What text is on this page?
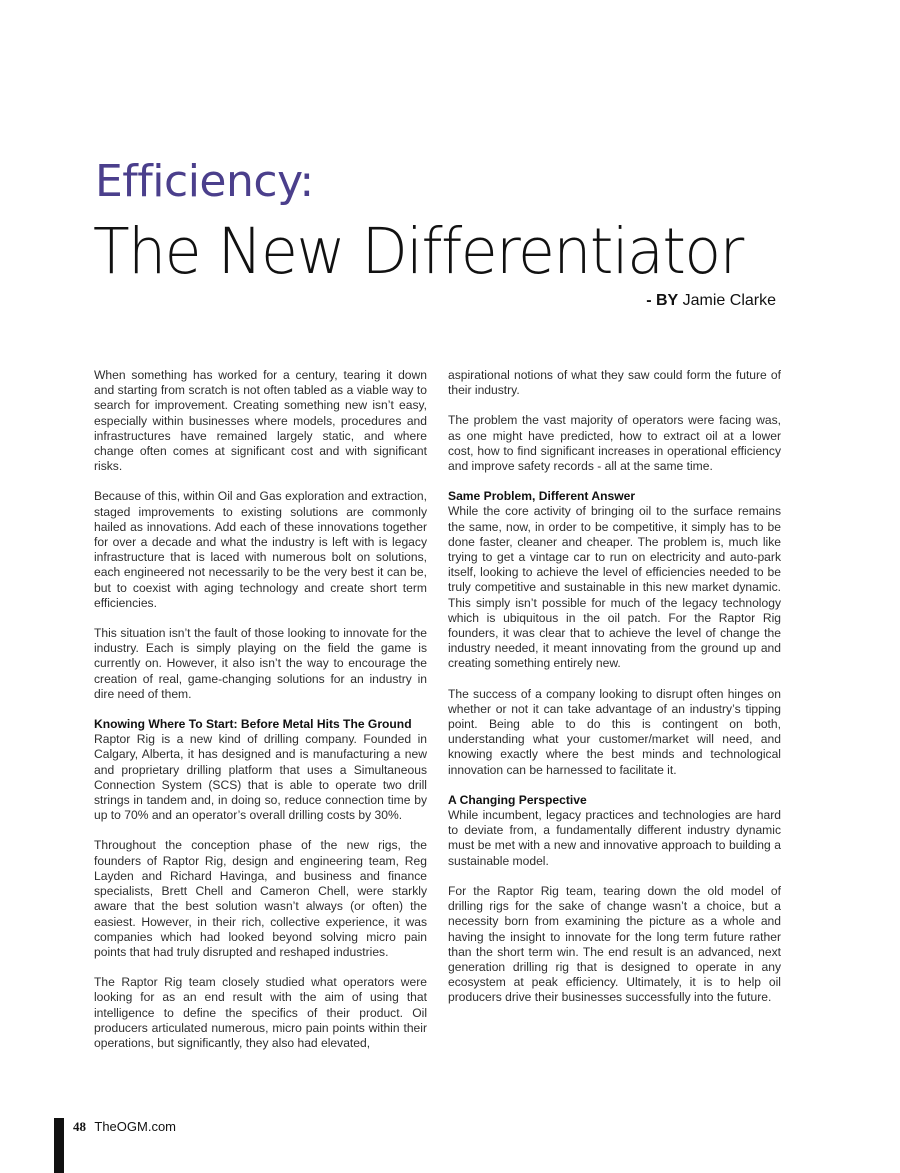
Efficiency:
The New Differentiator
- BY Jamie Clarke

When something has worked for a century, tearing it down and starting from scratch is not often tabled as a viable way to search for improvement. Creating something new isn’t easy, especially within businesses where models, procedures and infrastructures have remained largely static, and where change often comes at significant cost and with significant risks.

Because of this, within Oil and Gas exploration and extraction, staged improvements to existing solutions are commonly hailed as innovations. Add each of these innovations together for over a decade and what the industry is left with is legacy infrastructure that is laced with numerous bolt on solutions, each engineered not necessarily to be the very best it can be, but to coexist with aging technology and create short term efficiencies.

This situation isn’t the fault of those looking to innovate for the industry. Each is simply playing on the field the game is currently on. However, it also isn’t the way to encourage the creation of real, game-changing solutions for an industry in dire need of them.

Knowing Where To Start: Before Metal Hits The Ground

Raptor Rig is a new kind of drilling company. Founded in Calgary, Alberta, it has designed and is manufacturing a new and proprietary drilling platform that uses a Simultaneous Connection System (SCS) that is able to operate two drill strings in tandem and, in doing so, reduce connection time by up to 70% and an operator’s overall drilling costs by 30%.

Throughout the conception phase of the new rigs, the founders of Raptor Rig, design and engineering team, Reg Layden and Richard Havinga, and business and finance specialists, Brett Chell and Cameron Chell, were starkly aware that the best solution wasn’t always (or often) the easiest. However, in their rich, collective experience, it was companies which had looked beyond solving micro pain points that had truly disrupted and reshaped industries.

The Raptor Rig team closely studied what operators were looking for as an end result with the aim of using that intelligence to define the specifics of their product. Oil producers articulated numerous, micro pain points within their operations, but significantly, they also had elevated,

aspirational notions of what they saw could form the future of their industry.

The problem the vast majority of operators were facing was, as one might have predicted, how to extract oil at a lower cost, how to find significant increases in operational efficiency and improve safety records - all at the same time.

Same Problem, Different Answer

While the core activity of bringing oil to the surface remains the same, now, in order to be competitive, it simply has to be done faster, cleaner and cheaper. The problem is, much like trying to get a vintage car to run on electricity and auto-park itself, looking to achieve the level of efficiencies needed to be truly competitive and sustainable in this new market dynamic. This simply isn’t possible for much of the legacy technology which is ubiquitous in the oil patch. For the Raptor Rig founders, it was clear that to achieve the level of change the industry needed, it meant innovating from the ground up and creating something entirely new.

The success of a company looking to disrupt often hinges on whether or not it can take advantage of an industry’s tipping point. Being able to do this is contingent on both, understanding what your customer/market will need, and knowing exactly where the best minds and technological innovation can be harnessed to facilitate it.

A Changing Perspective

While incumbent, legacy practices and technologies are hard to deviate from, a fundamentally different industry dynamic must be met with a new and innovative approach to building a sustainable model.

For the Raptor Rig team, tearing down the old model of drilling rigs for the sake of change wasn’t a choice, but a necessity born from examining the picture as a whole and having the insight to innovate for the long term future rather than the short term win. The end result is an advanced, next generation drilling rig that is designed to operate in any ecosystem at peak efficiency. Ultimately, it is to help oil producers drive their businesses successfully into the future.

48 TheOGM.com
